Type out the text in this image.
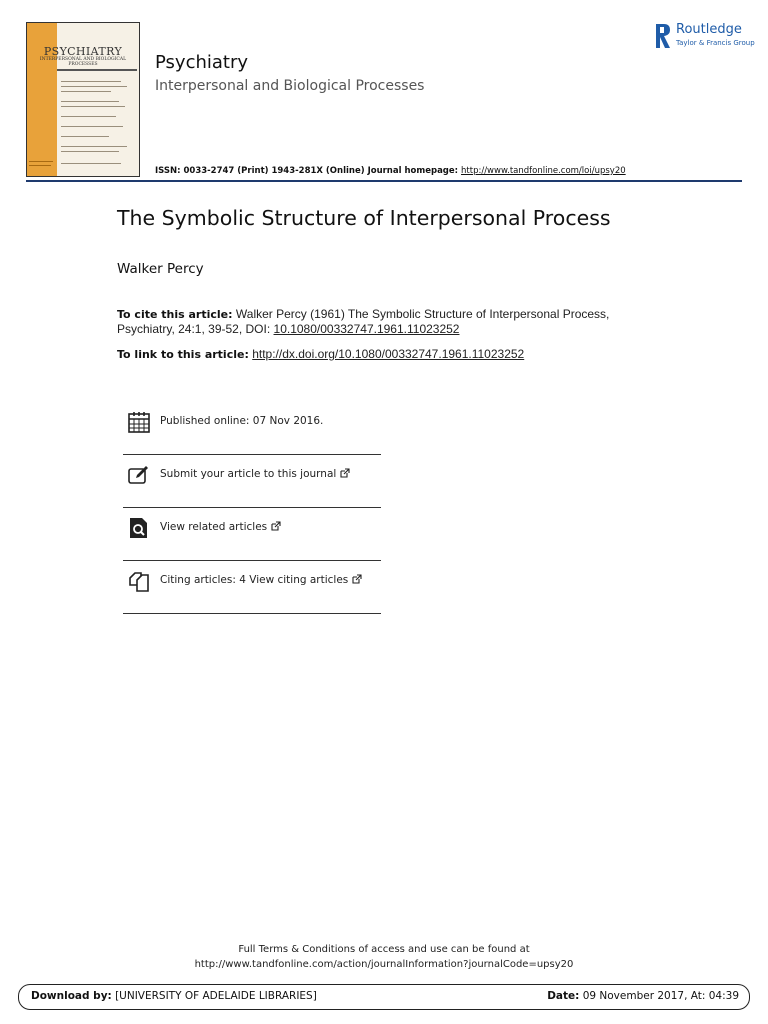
PSYCHIATRY
INTERPERSONAL AND BIOLOGICAL PROCESSES	Psychiatry
Interpersonal and Biological Processes
Routledge
Taylor & Francis Group
ISSN: 0033-2747 (Print) 1943-281X (Online) Journal homepage: http://www.tandfonline.com/loi/upsy20
The Symbolic Structure of Interpersonal Process
Walker Percy
To cite this article: Walker Percy (1961) The Symbolic Structure of Interpersonal Process,
Psychiatry, 24:1, 39-52, DOI: 10.1080/00332747.1961.11023252
To link to this article: http://dx.doi.org/10.1080/00332747.1961.11023252
Published online: 07 Nov 2016.
Submit your article to this journal
View related articles
Citing articles: 4 View citing articles
Full Terms & Conditions of access and use can be found at
http://www.tandfonline.com/action/journalInformation?journalCode=upsy20
Download by: [UNIVERSITY OF ADELAIDE LIBRARIES]	Date: 09 November 2017, At: 04:39
